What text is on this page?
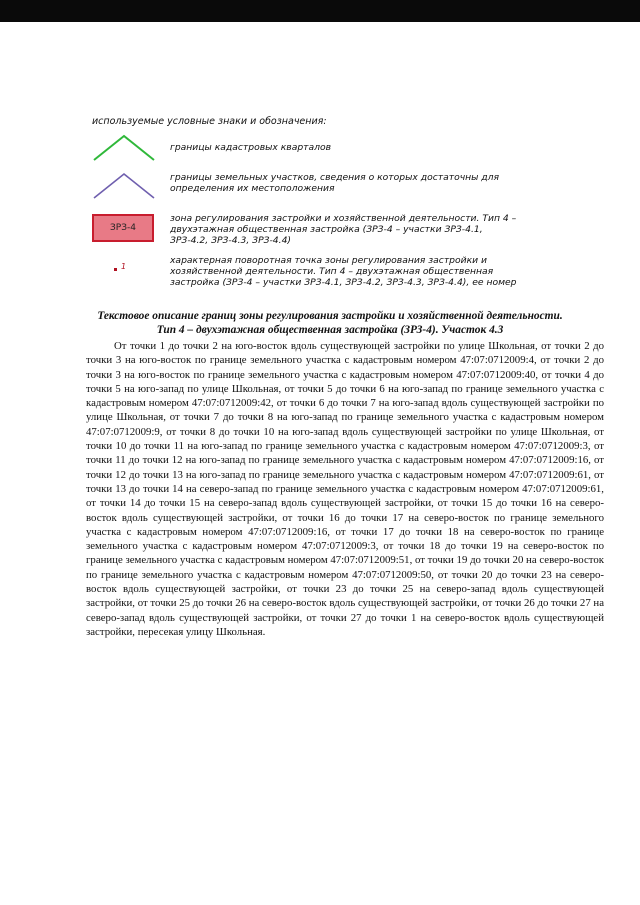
используемые условные знаки и обозначения:
границы кадастровых кварталов
границы земельных участков, сведения о которых достаточны для определения их местоположения
ЗРЗ-4
зона регулирования застройки и хозяйственной деятельности. Тип 4 – двухэтажная общественная застройка (ЗРЗ-4 – участки ЗРЗ-4.1, ЗРЗ-4.2, ЗРЗ-4.3, ЗРЗ-4.4)
1
характерная поворотная точка зоны регулирования застройки и хозяйственной деятельности. Тип 4 – двухэтажная общественная застройка (ЗРЗ-4 – участки ЗРЗ-4.1, ЗРЗ-4.2, ЗРЗ-4.3, ЗРЗ-4.4), ее номер
Текстовое описание границ зоны регулирования застройки и хозяйственной деятельности.
Тип 4 – двухэтажная общественная застройка (ЗРЗ-4). Участок 4.3

От точки 1 до точки 2 на юго-восток вдоль существующей застройки по улице Школьная, от точки 2 до точки 3 на юго-восток по границе земельного участка с кадастровым номером 47:07:0712009:4, от точки 2 до точки 3 на юго-восток по границе земельного участка с кадастровым номером 47:07:0712009:40, от точки 4 до точки 5 на юго-запад по улице Школьная, от точки 5 до точки 6 на юго-запад по границе земельного участка с кадастровым номером 47:07:0712009:42, от точки 6 до точки 7 на юго-запад вдоль существующей застройки по улице Школьная, от точки 7 до точки 8 на юго-запад по границе земельного участка с кадастровым номером 47:07:0712009:9, от точки 8 до точки 10 на юго-запад вдоль существующей застройки по улице Школьная, от точки 10 до точки 11 на юго-запад по границе земельного участка с кадастровым номером 47:07:0712009:3, от точки 11 до точки 12 на юго-запад по границе земельного участка с кадастровым номером 47:07:0712009:16, от точки 12 до точки 13 на юго-запад по границе земельного участка с кадастровым номером 47:07:0712009:61, от точки 13 до точки 14 на северо-запад по границе земельного участка с кадастровым номером 47:07:0712009:61, от точки 14 до точки 15 на северо-запад вдоль существующей застройки, от точки 15 до точки 16 на северо-восток вдоль существующей застройки, от точки 16 до точки 17 на северо-восток по границе земельного участка с кадастровым номером 47:07:0712009:16, от точки 17 до точки 18 на северо-восток по границе земельного участка с кадастровым номером 47:07:0712009:3, от точки 18 до точки 19 на северо-восток по границе земельного участка с кадастровым номером 47:07:0712009:51, от точки 19 до точки 20 на северо-восток по границе земельного участка с кадастровым номером 47:07:0712009:50, от точки 20 до точки 23 на северо-восток вдоль существующей застройки, от точки 23 до точки 25 на северо-запад вдоль существующей застройки, от точки 25 до точки 26 на северо-восток вдоль существующей застройки, от точки 26 до точки 27 на северо-запад вдоль существующей застройки, от точки 27 до точки 1 на северо-восток вдоль существующей застройки, пересекая улицу Школьная.
